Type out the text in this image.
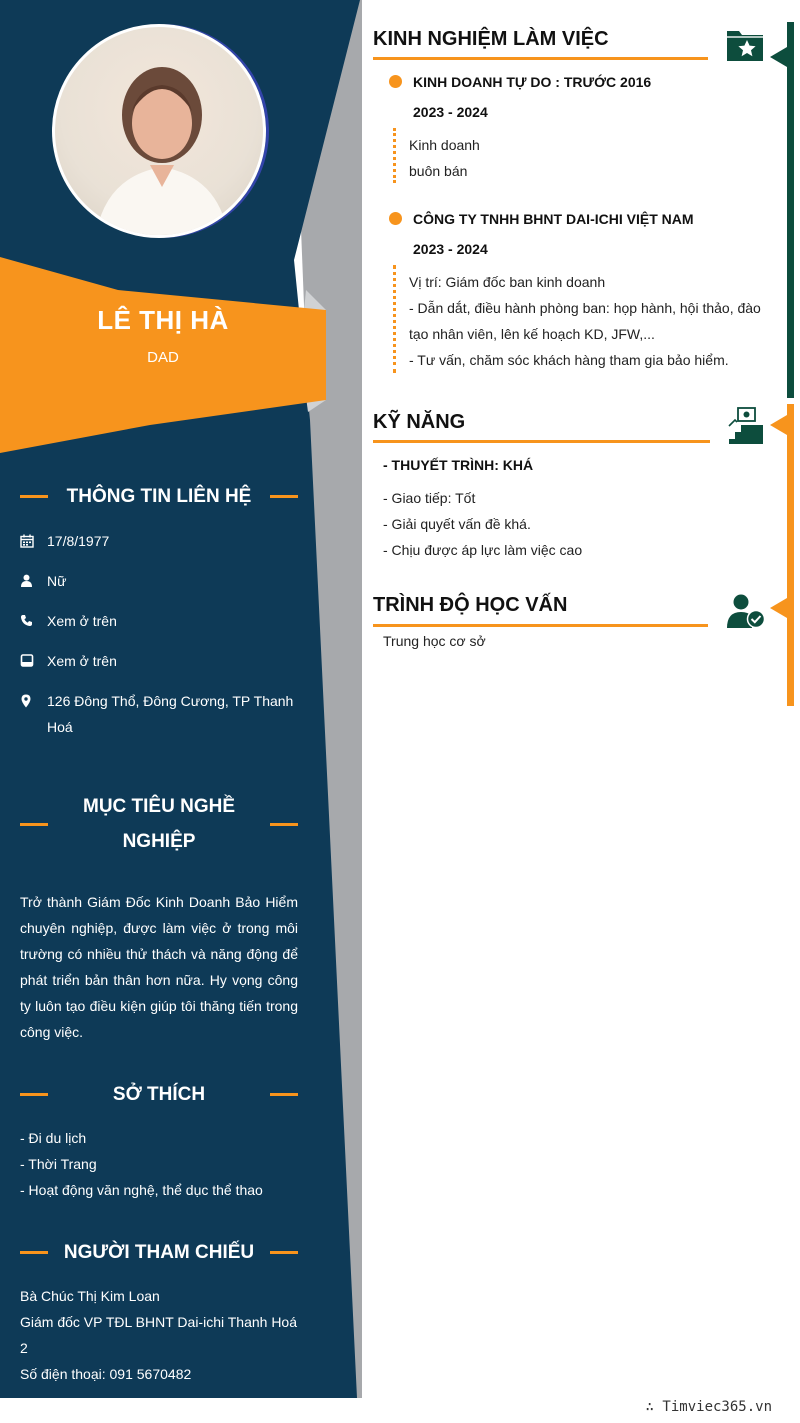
LÊ THỊ HÀ
DAD
THÔNG TIN LIÊN HỆ
17/8/1977
Nữ
Xem ở trên
Xem ở trên
126 Đông Thổ, Đông Cương, TP Thanh Hoá
MỤC TIÊU NGHỀ NGHIỆP
Trở thành Giám Đốc Kinh Doanh Bảo Hiểm chuyên nghiệp, được làm việc ở trong môi trường có nhiều thử thách và năng động để phát triển bản thân hơn nữa. Hy vọng công ty luôn tạo điều kiện giúp tôi thăng tiến trong công việc.
SỞ THÍCH
- Đi du lịch
- Thời Trang
- Hoạt động văn nghệ, thể dục thể thao
NGƯỜI THAM CHIẾU
Bà Chúc Thị Kim Loan
Giám đốc VP TĐL BHNT Dai-ichi Thanh Hoá 2
Số điện thoại: 091 5670482
KINH NGHIỆM LÀM VIỆC
KINH DOANH TỰ DO : TRƯỚC 2016
2023 - 2024
Kinh doanh
buôn bán
CÔNG TY TNHH BHNT DAI-ICHI VIỆT NAM
2023 - 2024
Vị trí: Giám đốc ban kinh doanh
- Dẫn dắt, điều hành phòng ban: họp hành, hội thảo, đào tạo nhân viên, lên kế hoạch KD, JFW,...
- Tư vấn, chăm sóc khách hàng tham gia bảo hiểm.
KỸ NĂNG
- THUYẾT TRÌNH: KHÁ
- Giao tiếp: Tốt
- Giải quyết vấn đề khá.
- Chịu được áp lực làm việc cao
TRÌNH ĐỘ HỌC VẤN
Trung học cơ sở
∴ Timviec365.vn
